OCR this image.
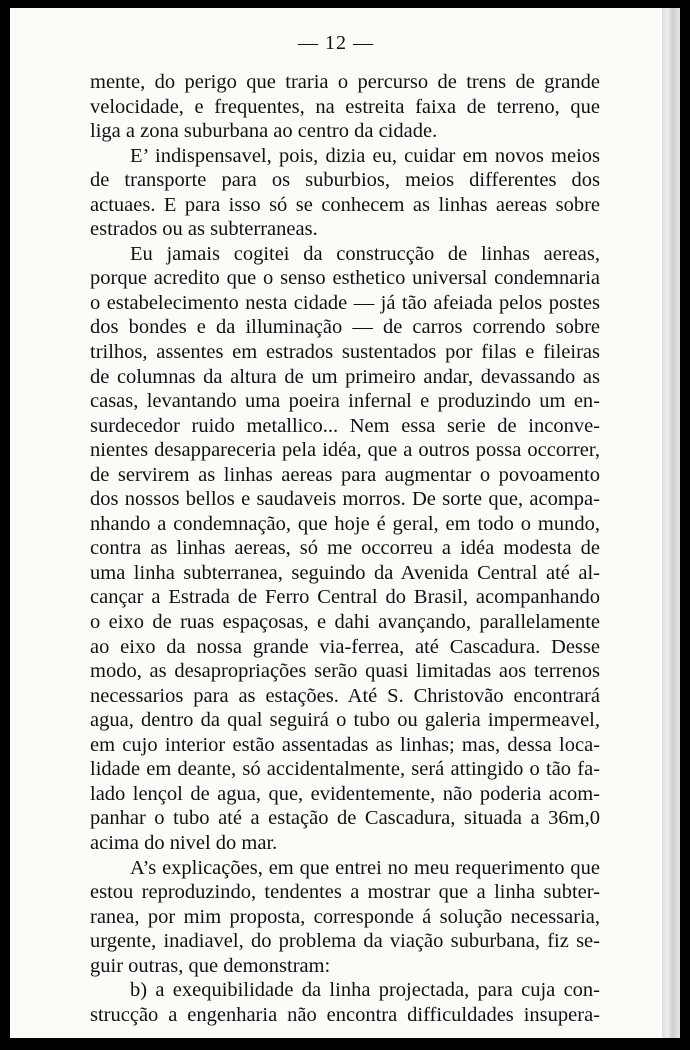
— 12 —
mente, do perigo que traria o percurso de trens de grande
velocidade, e frequentes, na estreita faixa de terreno, que
liga a zona suburbana ao centro da cidade.
E’ indispensavel, pois, dizia eu, cuidar em novos meios
de transporte para os suburbios, meios differentes dos
actuaes. E para isso só se conhecem as linhas aereas sobre
estrados ou as subterraneas.
Eu jamais cogitei da construcção de linhas aereas,
porque acredito que o senso esthetico universal condemnaria
o estabelecimento nesta cidade — já tão afeiada pelos postes
dos bondes e da illuminação — de carros correndo sobre
trilhos, assentes em estrados sustentados por filas e fileiras
de columnas da altura de um primeiro andar, devassando as
casas, levantando uma poeira infernal e produzindo um en-
surdecedor ruido metallico... Nem essa serie de inconve-
nientes desappareceria pela idéa, que a outros possa occorrer,
de servirem as linhas aereas para augmentar o povoamento
dos nossos bellos e saudaveis morros. De sorte que, acompa-
nhando a condemnação, que hoje é geral, em todo o mundo,
contra as linhas aereas, só me occorreu a idéa modesta de
uma linha subterranea, seguindo da Avenida Central até al-
cançar a Estrada de Ferro Central do Brasil, acompanhando
o eixo de ruas espaçosas, e dahi avançando, parallelamente
ao eixo da nossa grande via-ferrea, até Cascadura. Desse
modo, as desapropriações serão quasi limitadas aos terrenos
necessarios para as estações. Até S. Christovão encontrará
agua, dentro da qual seguirá o tubo ou galeria impermeavel,
em cujo interior estão assentadas as linhas; mas, dessa loca-
lidade em deante, só accidentalmente, será attingido o tão fa-
lado lençol de agua, que, evidentemente, não poderia acom-
panhar o tubo até a estação de Cascadura, situada a 36m,0
acima do nivel do mar.
A’s explicações, em que entrei no meu requerimento que
estou reproduzindo, tendentes a mostrar que a linha subter-
ranea, por mim proposta, corresponde á solução necessaria,
urgente, inadiavel, do problema da viação suburbana, fiz se-
guir outras, que demonstram:
b) a exequibilidade da linha projectada, para cuja con-
strucção a engenharia não encontra difficuldades insupera-
